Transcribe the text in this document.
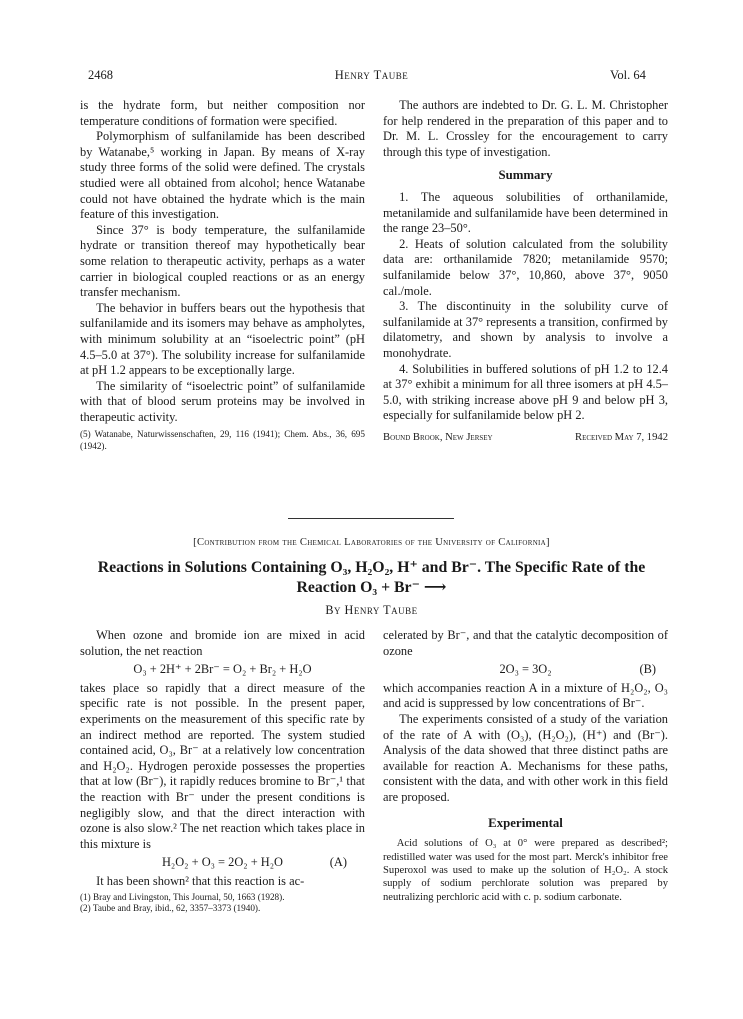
2468	Henry Taube	Vol. 64

is the hydrate form, but neither composition nor temperature conditions of formation were specified.

Polymorphism of sulfanilamide has been described by Watanabe,⁵ working in Japan. By means of X-ray study three forms of the solid were defined. The crystals studied were all obtained from alcohol; hence Watanabe could not have obtained the hydrate which is the main feature of this investigation.

Since 37° is body temperature, the sulfanilamide hydrate or transition thereof may hypothetically bear some relation to therapeutic activity, perhaps as a water carrier in biological coupled reactions or as an energy transfer mechanism.

The behavior in buffers bears out the hypothesis that sulfanilamide and its isomers may behave as ampholytes, with minimum solubility at an “isoelectric point” (pH 4.5–5.0 at 37°). The solubility increase for sulfanilamide at pH 1.2 appears to be exceptionally large.

The similarity of “isoelectric point” of sulfanilamide with that of blood serum proteins may be involved in therapeutic activity.

(5) Watanabe, Naturwissenschaften, 29, 116 (1941); Chem. Abs., 36, 695 (1942).

The authors are indebted to Dr. G. L. M. Christopher for help rendered in the preparation of this paper and to Dr. M. L. Crossley for the encouragement to carry through this type of investigation.

Summary

1. The aqueous solubilities of orthanilamide, metanilamide and sulfanilamide have been determined in the range 23–50°.

2. Heats of solution calculated from the solubility data are: orthanilamide 7820; metanilamide 9570; sulfanilamide below 37°, 10,860, above 37°, 9050 cal./mole.

3. The discontinuity in the solubility curve of sulfanilamide at 37° represents a transition, confirmed by dilatometry, and shown by analysis to involve a monohydrate.

4. Solubilities in buffered solutions of pH 1.2 to 12.4 at 37° exhibit a minimum for all three isomers at pH 4.5–5.0, with striking increase above pH 9 and below pH 3, especially for sulfanilamide below pH 2.

Bound Brook, New Jersey	Received May 7, 1942
[Contribution from the Chemical Laboratories of the University of California]
Reactions in Solutions Containing O₃, H₂O₂, H⁺ and Br⁻. The Specific Rate of the
Reaction O₃ + Br⁻ ⟶
By Henry Taube

When ozone and bromide ion are mixed in acid solution, the net reaction

O₃ + 2H⁺ + 2Br⁻ = O₂ + Br₂ + H₂O

takes place so rapidly that a direct measure of the specific rate is not possible. In the present paper, experiments on the measurement of this specific rate by an indirect method are reported. The system studied contained acid, O₃, Br⁻ at a relatively low concentration and H₂O₂. Hydrogen peroxide possesses the properties that at low (Br⁻), it rapidly reduces bromine to Br⁻,¹ that the reaction with Br⁻ under the present conditions is negligibly slow, and that the direct interaction with ozone is also slow.² The net reaction which takes place in this mixture is

H₂O₂ + O₃ = 2O₂ + H₂O	(A)

It has been shown² that this reaction is ac-

(1) Bray and Livingston, This Journal, 50, 1663 (1928).

(2) Taube and Bray, ibid., 62, 3357–3373 (1940).

celerated by Br⁻, and that the catalytic decomposition of ozone

2O₃ = 3O₂	(B)

which accompanies reaction A in a mixture of H₂O₂, O₃ and acid is suppressed by low concentrations of Br⁻.

The experiments consisted of a study of the variation of the rate of A with (O₃), (H₂O₂), (H⁺) and (Br⁻). Analysis of the data showed that three distinct paths are available for reaction A. Mechanisms for these paths, consistent with the data, and with other work in this field are proposed.

Experimental

Acid solutions of O₃ at 0° were prepared as described²; redistilled water was used for the most part. Merck's inhibitor free Superoxol was used to make up the solution of H₂O₂. A stock supply of sodium perchlorate solution was prepared by neutralizing perchloric acid with c. p. sodium carbonate.
